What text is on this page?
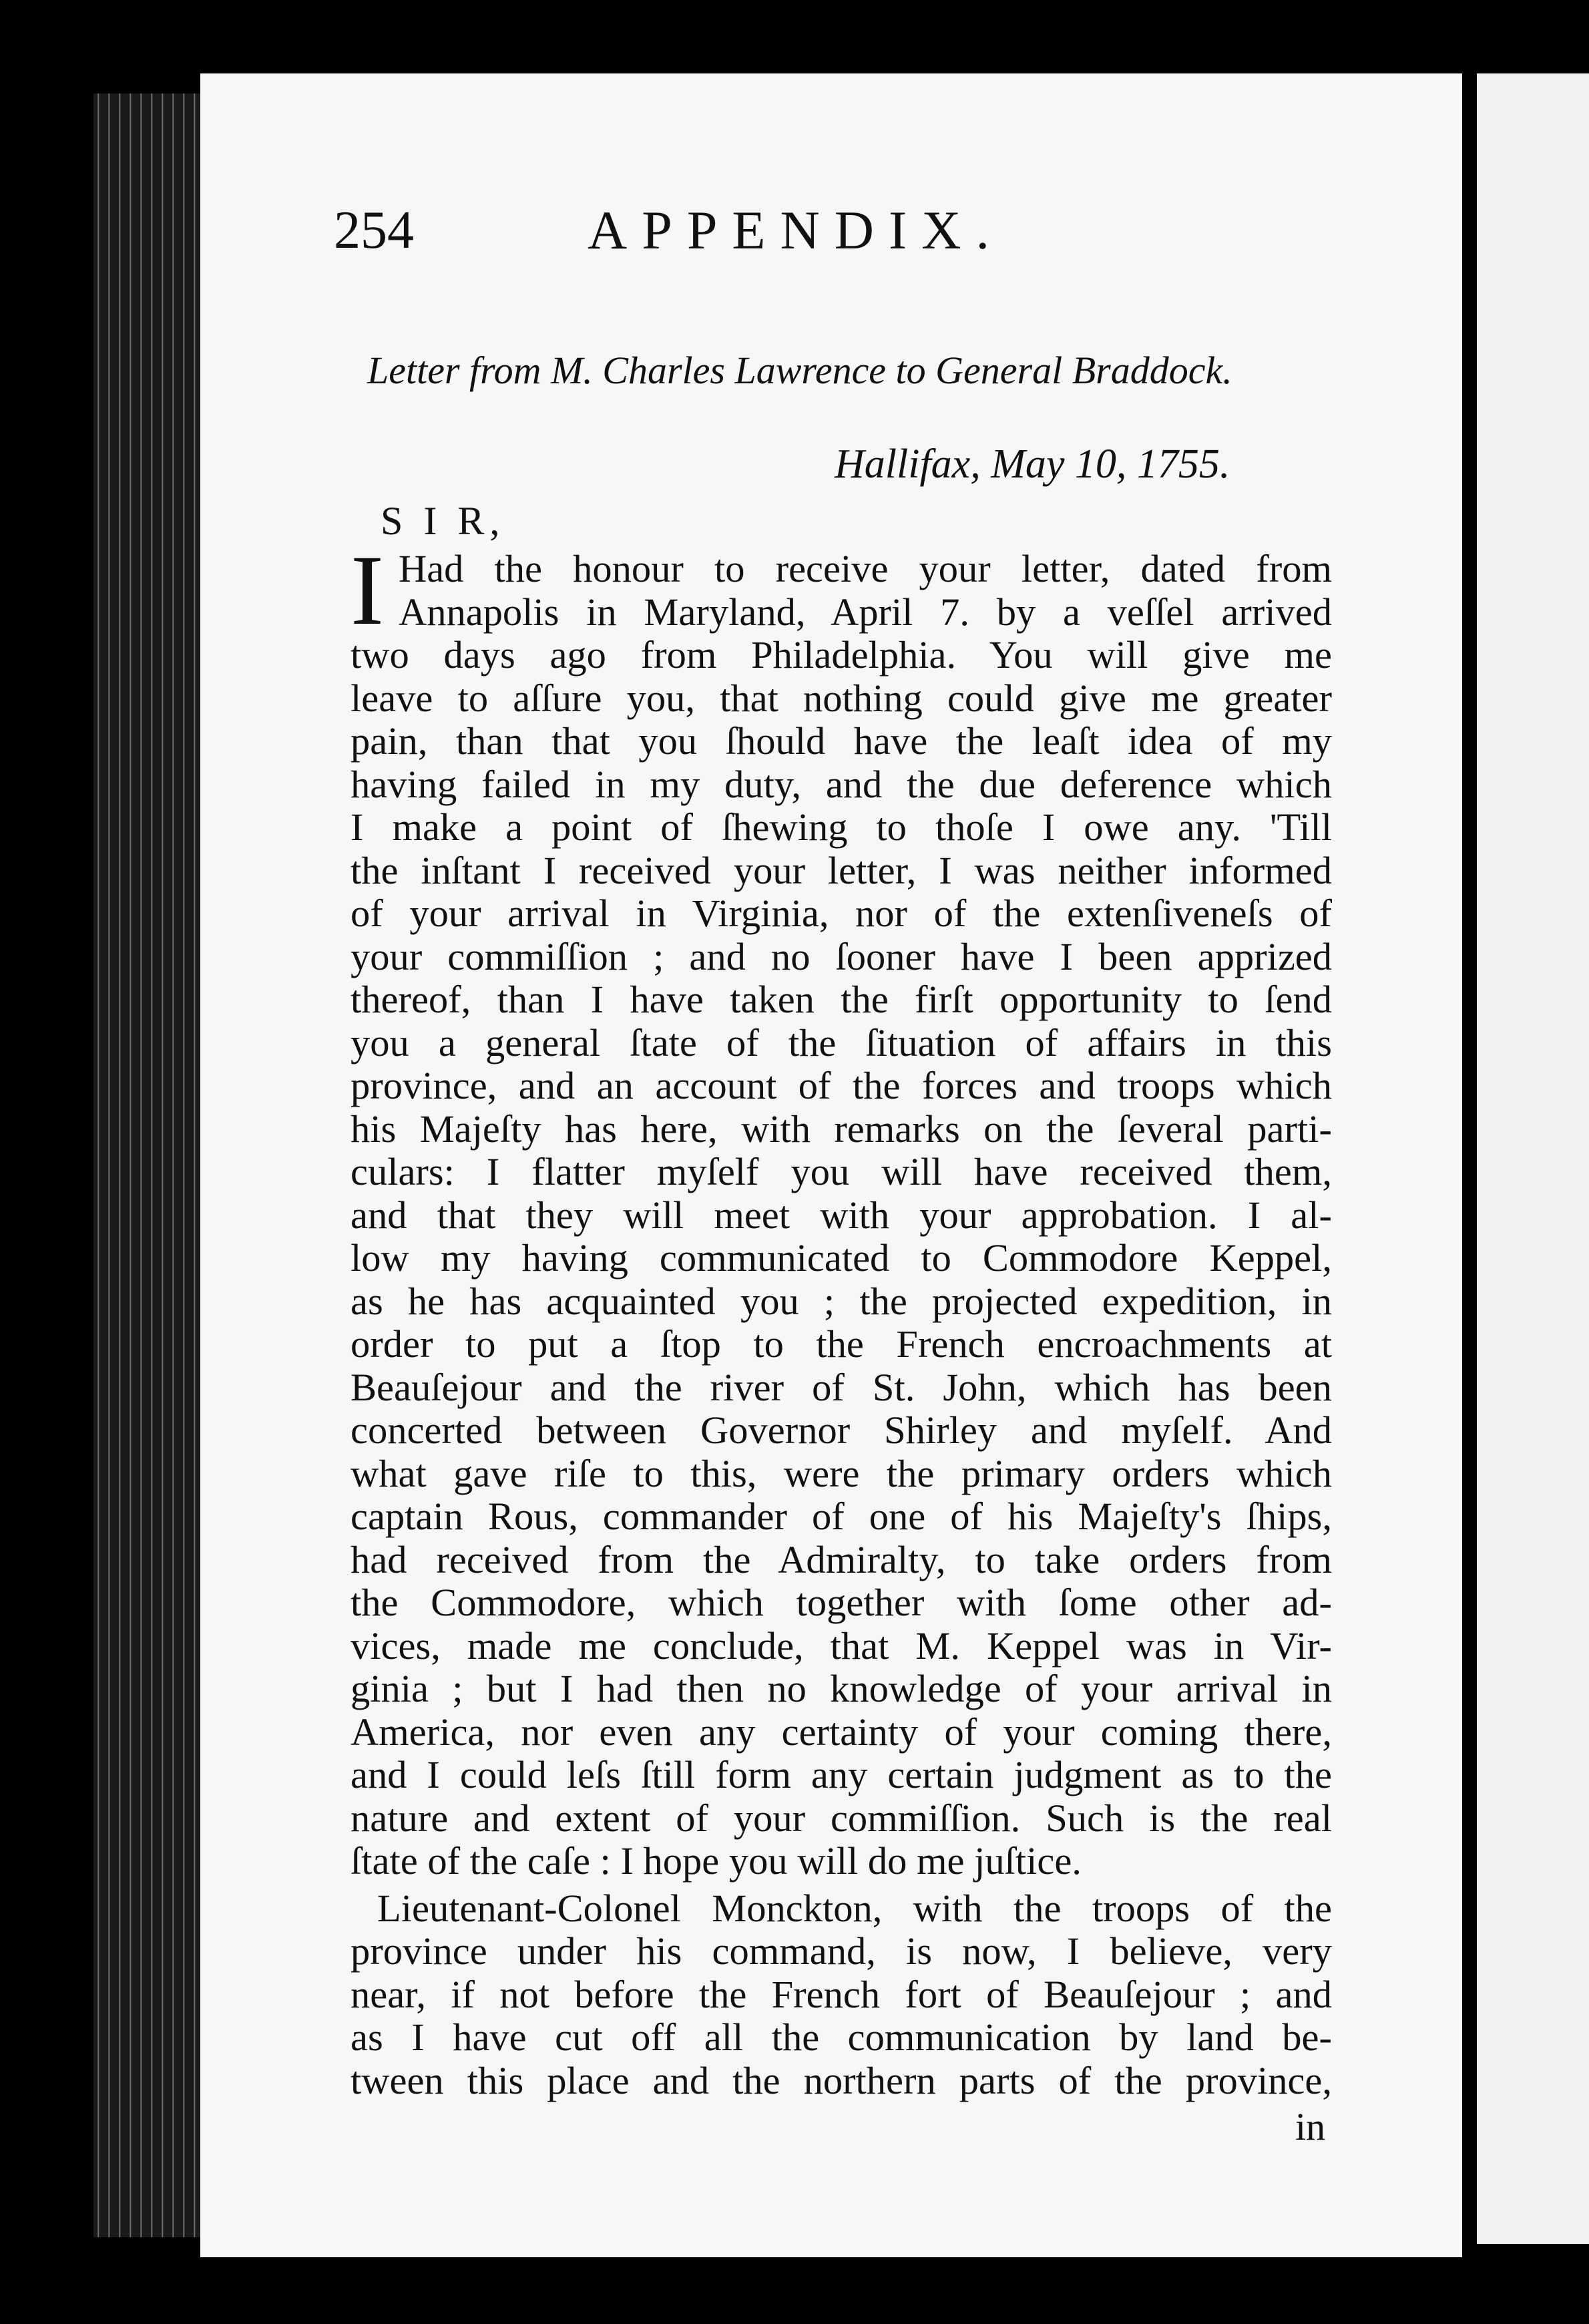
254	APPENDIX.
Letter from M. Charles Lawrence to General Braddock.
Hallifax, May 10, 1755.
S I R,
I Had the honour to receive your letter, dated from
Annapolis in Maryland, April 7. by a veſſel arrived
two days ago from Philadelphia. You will give me
leave to aſſure you, that nothing could give me greater
pain, than that you ſhould have the leaſt idea of my
having failed in my duty, and the due deference which
I make a point of ſhewing to thoſe I owe any. 'Till
the inſtant I received your letter, I was neither informed
of your arrival in Virginia, nor of the extenſiveneſs of
your commiſſion ; and no ſooner have I been apprized
thereof, than I have taken the firſt opportunity to ſend
you a general ſtate of the ſituation of affairs in this
province, and an account of the forces and troops which
his Majeſty has here, with remarks on the ſeveral parti-
culars: I flatter myſelf you will have received them,
and that they will meet with your approbation. I al-
low my having communicated to Commodore Keppel,
as he has acquainted you ; the projected expedition, in
order to put a ſtop to the French encroachments at
Beauſejour and the river of St. John, which has been
concerted between Governor Shirley and myſelf. And
what gave riſe to this, were the primary orders which
captain Rous, commander of one of his Majeſty's ſhips,
had received from the Admiralty, to take orders from
the Commodore, which together with ſome other ad-
vices, made me conclude, that M. Keppel was in Vir-
ginia ; but I had then no knowledge of your arrival in
America, nor even any certainty of your coming there,
and I could leſs ſtill form any certain judgment as to the
nature and extent of your commiſſion. Such is the real
ſtate of the caſe : I hope you will do me juſtice.
Lieutenant-Colonel Monckton, with the troops of the
province under his command, is now, I believe, very
near, if not before the French fort of Beauſejour ; and
as I have cut off all the communication by land be-
tween this place and the northern parts of the province,
in
